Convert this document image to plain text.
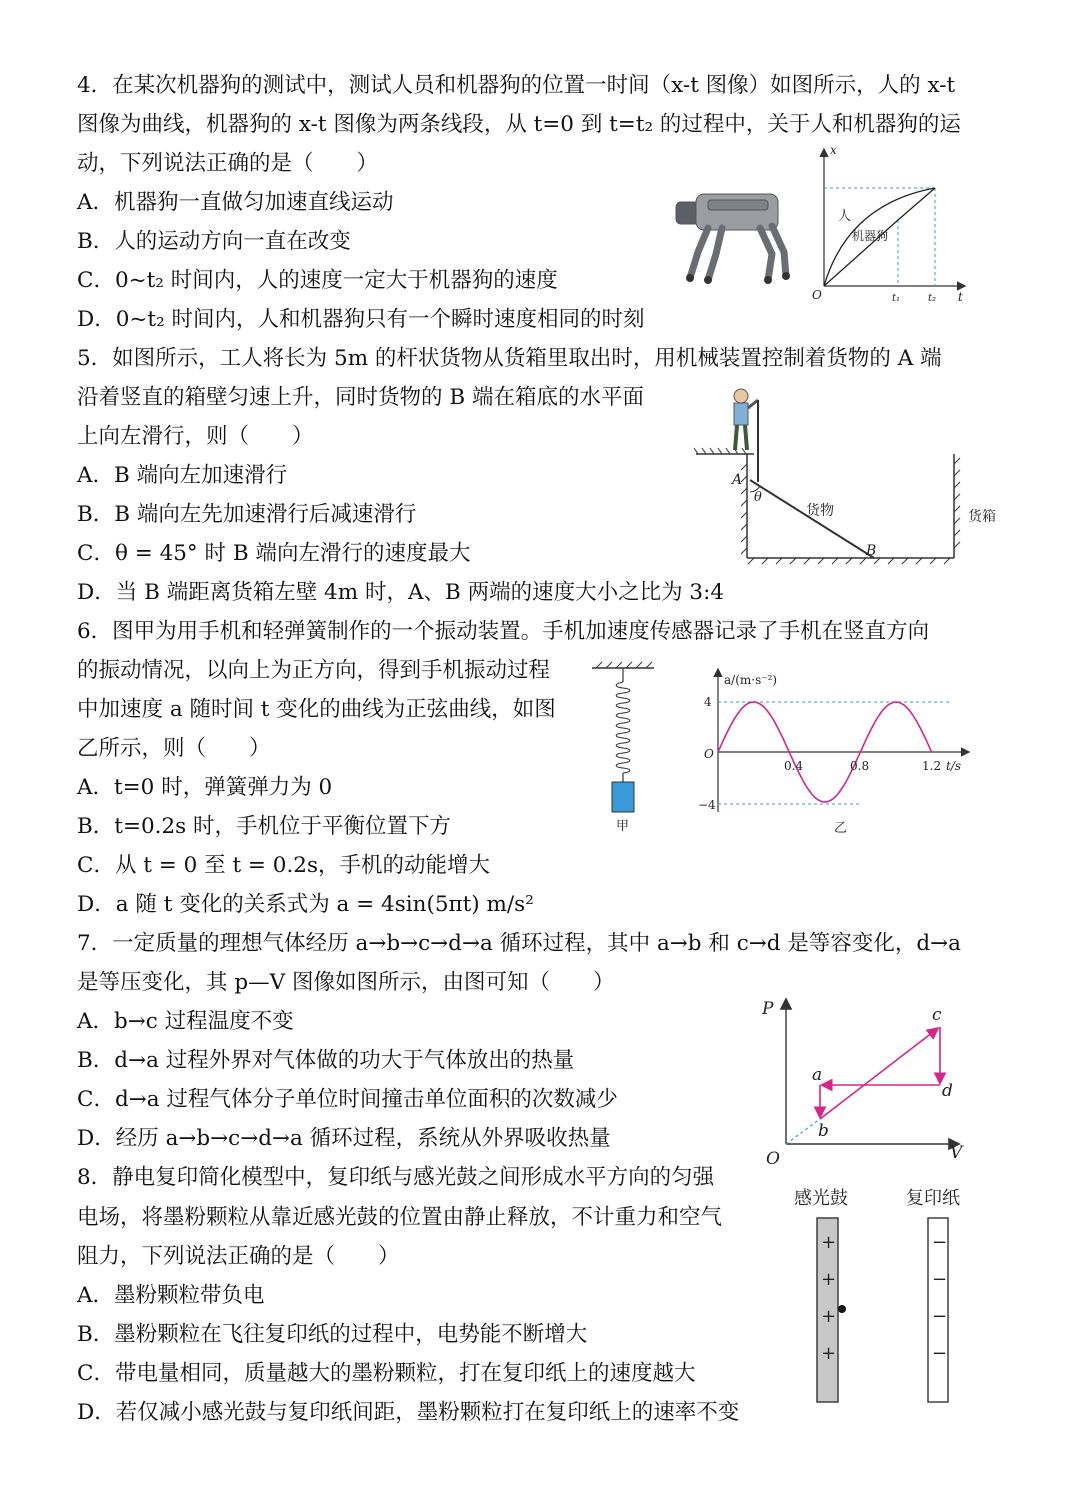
4．在某次机器狗的测试中，测试人员和机器狗的位置一时间（x-t 图像）如图所示，人的 x-t
图像为曲线，机器狗的 x-t 图像为两条线段，从 t=0 到 t=t₂ 的过程中，关于人和机器狗的运
动，下列说法正确的是（　　）
A．机器狗一直做匀加速直线运动
B．人的运动方向一直在改变
C．0~t₂ 时间内，人的速度一定大于机器狗的速度
D．0~t₂ 时间内，人和机器狗只有一个瞬时速度相同的时刻
x
t
O	t₁	t₂
人
机器狗
5．如图所示，工人将长为 5m 的杆状货物从货箱里取出时，用机械装置控制着货物的 A 端
沿着竖直的箱壁匀速上升，同时货物的 B 端在箱底的水平面
上向左滑行，则（　　）
A．B 端向左加速滑行
B．B 端向左先加速滑行后减速滑行
C．θ = 45° 时 B 端向左滑行的速度最大
D．当 B 端距离货箱左壁 4m 时，A、B 两端的速度大小之比为 3:4
A
θ
货物
B
货箱
6．图甲为用手机和轻弹簧制作的一个振动装置。手机加速度传感器记录了手机在竖直方向
的振动情况，以向上为正方向，得到手机振动过程
中加速度 a 随时间 t 变化的曲线为正弦曲线，如图
乙所示，则（　　）
A．t=0 时，弹簧弹力为 0
B．t=0.2s 时，手机位于平衡位置下方
C．从 t = 0 至 t = 0.2s，手机的动能增大
D．a 随 t 变化的关系式为 a = 4sin(5πt) m/s²
甲
a/(m·s⁻²)
4
−4
O
0.4	0.8	1.2 t/s
乙
7．一定质量的理想气体经历 a→b→c→d→a 循环过程，其中 a→b 和 c→d 是等容变化，d→a
是等压变化，其 p—V 图像如图所示，由图可知（　　）
A．b→c 过程温度不变
B．d→a 过程外界对气体做的功大于气体放出的热量
C．d→a 过程气体分子单位时间撞击单位面积的次数减少
D．经历 a→b→c→d→a 循环过程，系统从外界吸收热量
P
V
O
a
b
c
d
8．静电复印简化模型中，复印纸与感光鼓之间形成水平方向的匀强
电场，将墨粉颗粒从靠近感光鼓的位置由静止释放，不计重力和空气
阻力，下列说法正确的是（　　）
A．墨粉颗粒带负电
B．墨粉颗粒在飞往复印纸的过程中，电势能不断增大
C．带电量相同，质量越大的墨粉颗粒，打在复印纸上的速度越大
D．若仅减小感光鼓与复印纸间距，墨粉颗粒打在复印纸上的速率不变
感光鼓	复印纸
+
+
+
+
−
−
−
−
